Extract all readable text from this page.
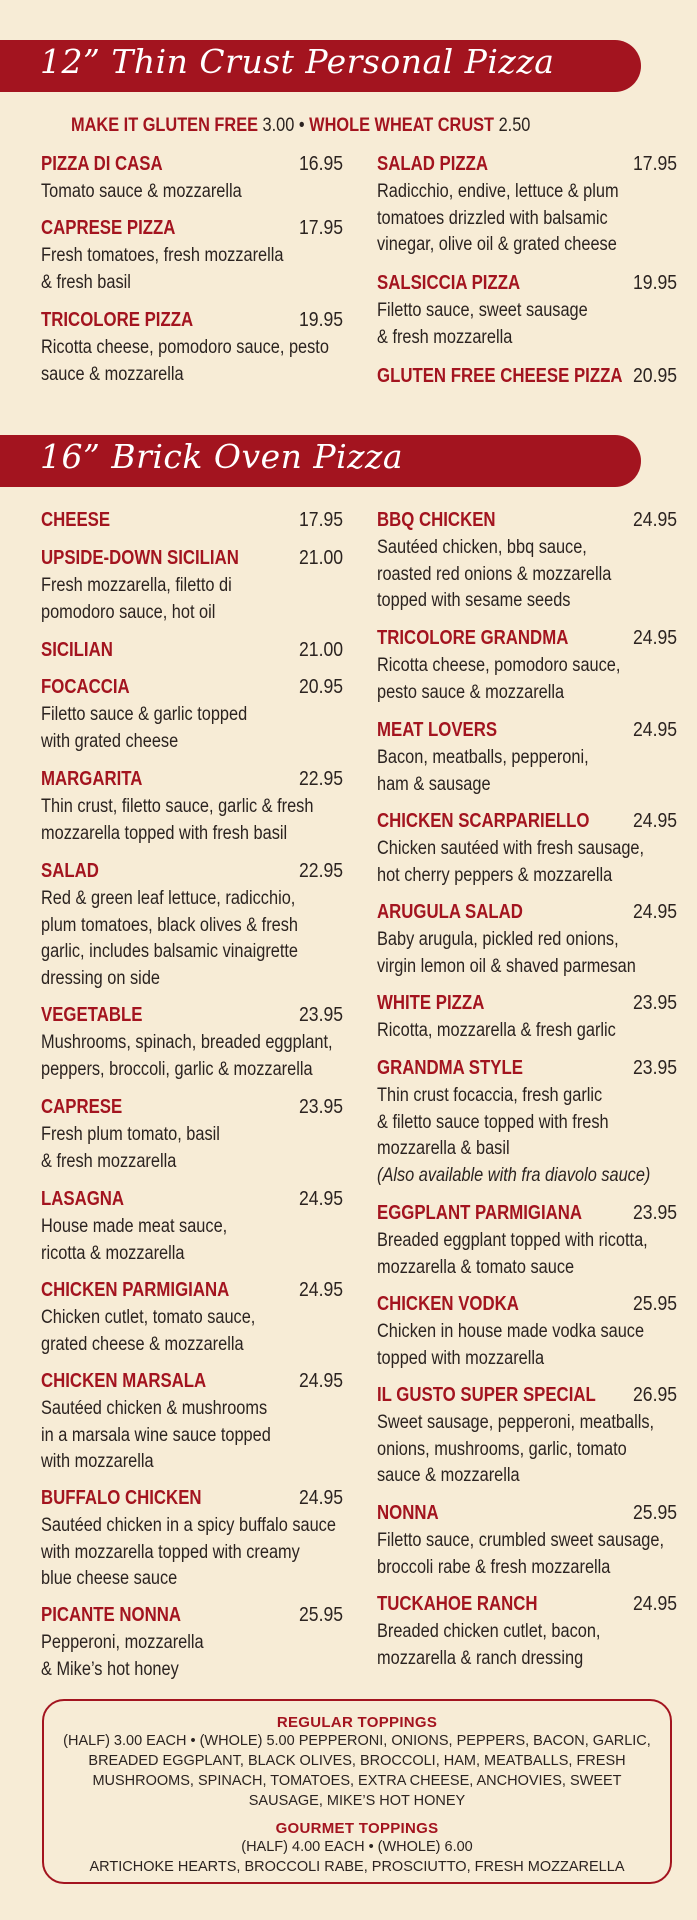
12” Thin Crust Personal Pizza
MAKE IT GLUTEN FREE 3.00 • WHOLE WHEAT CRUST 2.50
16” Brick Oven Pizza
PIZZA DI CASA	16.95
Tomato sauce & mozzarella
CAPRESE PIZZA	17.95
Fresh tomatoes, fresh mozzarella
& fresh basil
TRICOLORE PIZZA	19.95
Ricotta cheese, pomodoro sauce, pesto
sauce & mozzarella
SALAD PIZZA	17.95
Radicchio, endive, lettuce & plum
tomatoes drizzled with balsamic
vinegar, olive oil & grated cheese
SALSICCIA PIZZA	19.95
Filetto sauce, sweet sausage
& fresh mozzarella
GLUTEN FREE CHEESE PIZZA 20.95
CHEESE	17.95
UPSIDE-DOWN SICILIAN	21.00
Fresh mozzarella, filetto di
pomodoro sauce, hot oil
SICILIAN	21.00
FOCACCIA	20.95
Filetto sauce & garlic topped
with grated cheese
MARGARITA	22.95
Thin crust, filetto sauce, garlic & fresh
mozzarella topped with fresh basil
SALAD	22.95
Red & green leaf lettuce, radicchio,
plum tomatoes, black olives & fresh
garlic, includes balsamic vinaigrette
dressing on side
VEGETABLE	23.95
Mushrooms, spinach, breaded eggplant,
peppers, broccoli, garlic & mozzarella
CAPRESE	23.95
Fresh plum tomato, basil
& fresh mozzarella
LASAGNA	24.95
House made meat sauce,
ricotta & mozzarella
CHICKEN PARMIGIANA	24.95
Chicken cutlet, tomato sauce,
grated cheese & mozzarella
CHICKEN MARSALA	24.95
Sautéed chicken & mushrooms
in a marsala wine sauce topped
with mozzarella
BUFFALO CHICKEN	24.95
Sautéed chicken in a spicy buffalo sauce
with mozzarella topped with creamy
blue cheese sauce
PICANTE NONNA	25.95
Pepperoni, mozzarella
& Mike’s hot honey
BBQ CHICKEN	24.95
Sautéed chicken, bbq sauce,
roasted red onions & mozzarella
topped with sesame seeds
TRICOLORE GRANDMA	24.95
Ricotta cheese, pomodoro sauce,
pesto sauce & mozzarella
MEAT LOVERS	24.95
Bacon, meatballs, pepperoni,
ham & sausage
CHICKEN SCARPARIELLO 24.95
Chicken sautéed with fresh sausage,
hot cherry peppers & mozzarella
ARUGULA SALAD	24.95
Baby arugula, pickled red onions,
virgin lemon oil & shaved parmesan
WHITE PIZZA	23.95
Ricotta, mozzarella & fresh garlic
GRANDMA STYLE	23.95
Thin crust focaccia, fresh garlic
& filetto sauce topped with fresh
mozzarella & basil
(Also available with fra diavolo sauce)
EGGPLANT PARMIGIANA	23.95
Breaded eggplant topped with ricotta,
mozzarella & tomato sauce
CHICKEN VODKA	25.95
Chicken in house made vodka sauce
topped with mozzarella
IL GUSTO SUPER SPECIAL 26.95
Sweet sausage, pepperoni, meatballs,
onions, mushrooms, garlic, tomato
sauce & mozzarella
NONNA	25.95
Filetto sauce, crumbled sweet sausage,
broccoli rabe & fresh mozzarella
TUCKAHOE RANCH	24.95
Breaded chicken cutlet, bacon,
mozzarella & ranch dressing
REGULAR TOPPINGS
(HALF) 3.00 EACH • (WHOLE) 5.00 PEPPERONI, ONIONS, PEPPERS, BACON, GARLIC, BREADED EGGPLANT, BLACK OLIVES, BROCCOLI, HAM, MEATBALLS, FRESH MUSHROOMS, SPINACH, TOMATOES, EXTRA CHEESE, ANCHOVIES, SWEET SAUSAGE, MIKE’S HOT HONEY
GOURMET TOPPINGS
(HALF) 4.00 EACH • (WHOLE) 6.00
ARTICHOKE HEARTS, BROCCOLI RABE, PROSCIUTTO, FRESH MOZZARELLA
